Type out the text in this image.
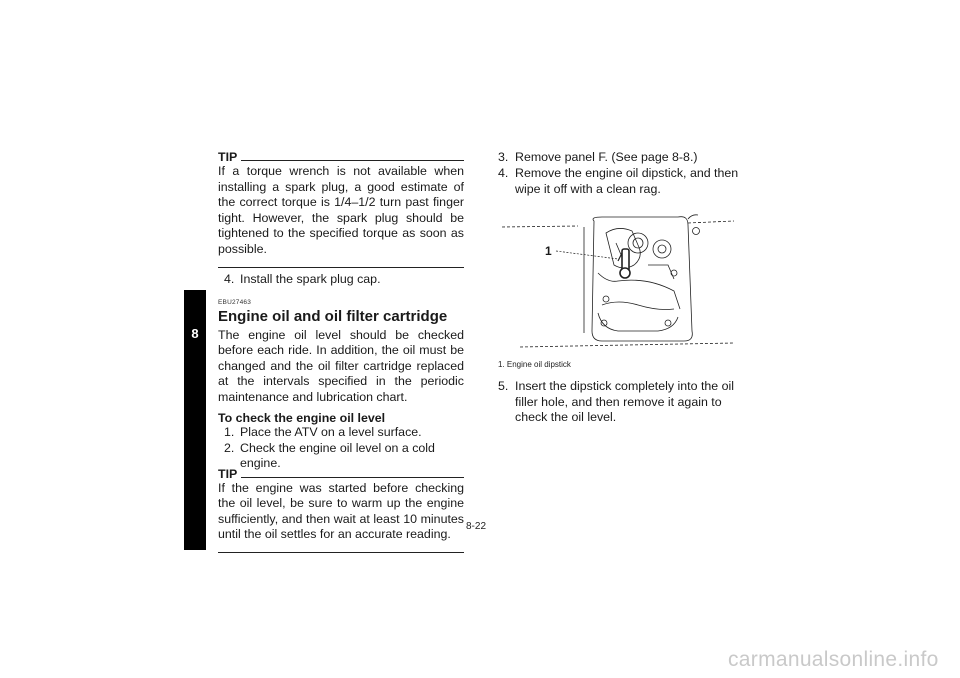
8
TIP
If a torque wrench is not available when installing a spark plug, a good estimate of the correct torque is 1/4–1/2 turn past finger tight. However, the spark plug should be tightened to the specified torque as soon as possible.
4. Install the spark plug cap.
EBU27463
Engine oil and oil filter cartridge
The engine oil level should be checked before each ride. In addition, the oil must be changed and the oil filter cartridge replaced at the intervals specified in the periodic maintenance and lubrication chart.
To check the engine oil level
1. Place the ATV on a level surface.
2. Check the engine oil level on a cold engine.
TIP
If the engine was started before checking the oil level, be sure to warm up the engine sufficiently, and then wait at least 10 minutes until the oil settles for an accurate reading.
3. Remove panel F. (See page 8-8.)
4. Remove the engine oil dipstick, and then wipe it off with a clean rag.
1
1. Engine oil dipstick
5. Insert the dipstick completely into the oil filler hole, and then remove it again to check the oil level.
8-22
carmanualsonline.info
